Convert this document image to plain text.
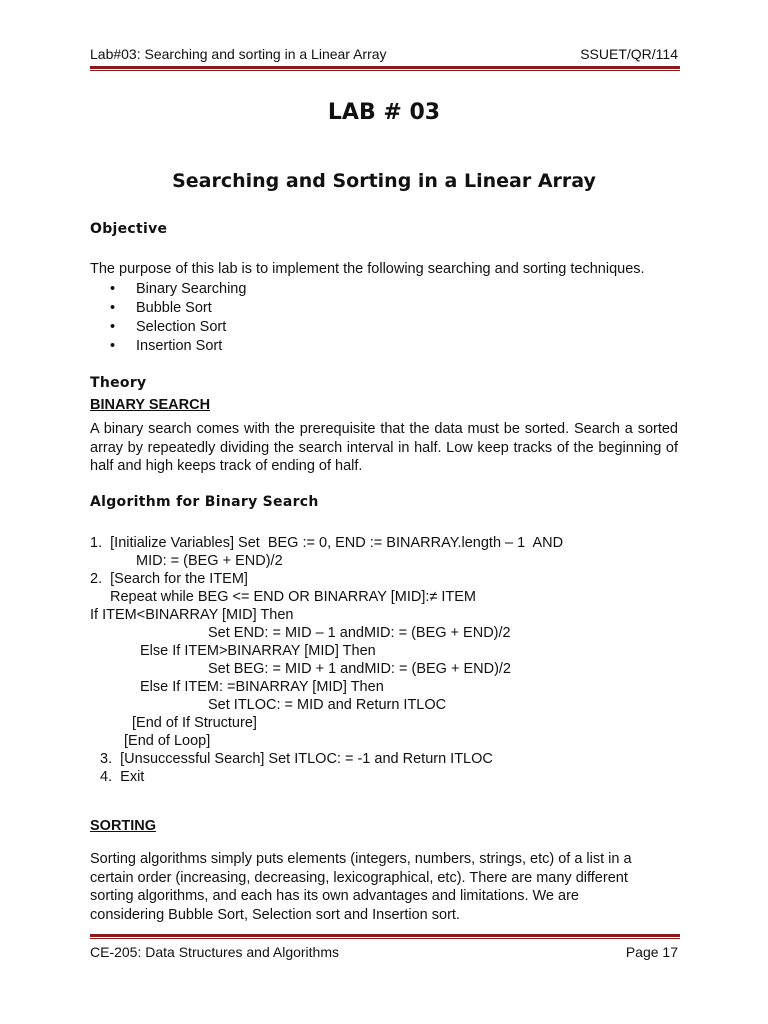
Lab#03: Searching and sorting in a Linear Array	SSUET/QR/114
LAB # 03
Searching and Sorting in a Linear Array
Objective

The purpose of this lab is to implement the following searching and sorting techniques.

• Binary Searching
• Bubble Sort
• Selection Sort
• Insertion Sort
Theory
BINARY SEARCH

A binary search comes with the prerequisite that the data must be sorted. Search a sorted array by repeatedly dividing the search interval in half. Low keep tracks of the beginning of half and high keeps track of ending of half.

Algorithm for Binary Search
1.  [Initialize Variables] Set  BEG := 0, END := BINARRAY.length – 1  AND
MID: = (BEG + END)/2
2.  [Search for the ITEM]
Repeat while BEG <= END OR BINARRAY [MID]:≠ ITEM
If ITEM<BINARRAY [MID] Then
Set END: = MID – 1 andMID: = (BEG + END)/2
Else If ITEM>BINARRAY [MID] Then
Set BEG: = MID + 1 andMID: = (BEG + END)/2
Else If ITEM: =BINARRAY [MID] Then
Set ITLOC: = MID and Return ITLOC
[End of If Structure]
[End of Loop]
3.  [Unsuccessful Search] Set ITLOC: = -1 and Return ITLOC
4.  Exit
SORTING
Sorting algorithms simply puts elements (integers, numbers, strings, etc) of a list in a
certain order (increasing, decreasing, lexicographical, etc). There are many different
sorting algorithms, and each has its own advantages and limitations. We are
considering Bubble Sort, Selection sort and Insertion sort.
CE-205: Data Structures and Algorithms	Page 17
